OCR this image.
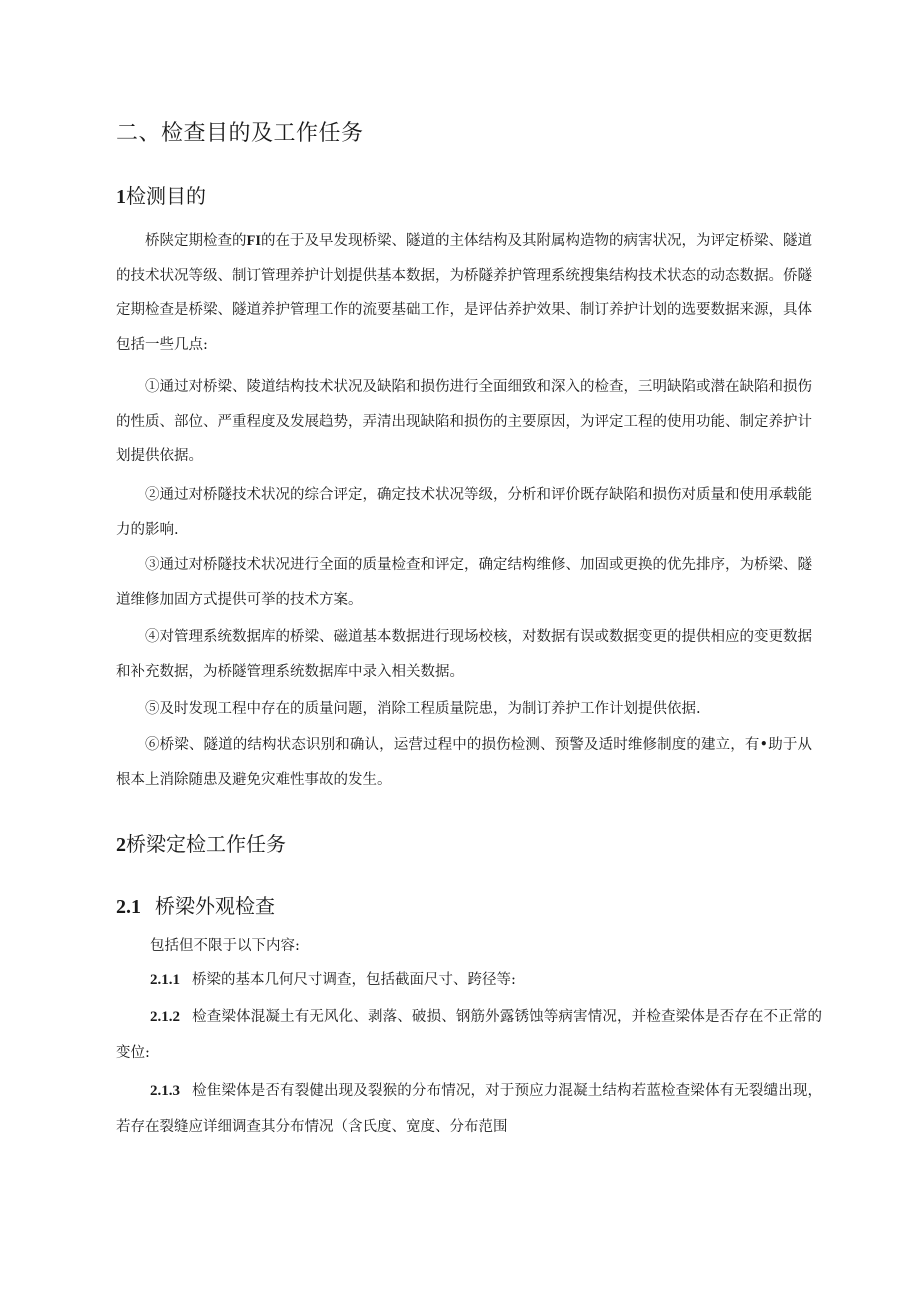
二、检查目的及工作任务
1检测目的

桥陕定期检查的FI的在于及早发现桥梁、隧道的主体结构及其附属构造物的病害状况，为评定桥梁、隧道的技术状况等级、制订管理养护计划提供基本数据，为桥隧养护管理系统搜集结构技术状态的动态数据。侨隧定期检查是桥梁、隧道养护管理工作的流要基础工作，是评估养护效果、制订养护计划的选要数据来源，具体包括一些几点:

①通过对桥梁、陵道结构技术状况及缺陷和损伤进行全面细致和深入的检查，三明缺陷或潜在缺陷和损伤的性质、部位、严重程度及发展趋势，弄清出现缺陷和损伤的主要原因，为评定工程的使用功能、制定养护计划提供依据。

②通过对桥隧技术状况的综合评定，确定技术状况等级，分析和评价既存缺陷和损伤对质量和使用承载能力的影响.

③通过对桥隧技术状况进行全面的质量检查和评定，确定结构维修、加固或更换的优先排序，为桥梁、隧道维修加固方式提供可挙的技术方案。

④对管理系统数据库的桥梁、磁道基本数据进行现场校核，对数据有误或数据变更的提供相应的变更数据和补充数据，为桥隧管理系统数据库中录入相关数据。

⑤及时发现工程中存在的质量问题，消除工程质量院患，为制订养护工作计划提供依据.

⑥桥梁、隧道的结构状态识别和确认，运营过程中的损伤检测、预警及适时维修制度的建立，有•助于从根本上消除随患及避免灾难性事故的发生。

2桥梁定检工作任务
2.1 桥梁外观检查
包括但不限于以下内容:

2.1.1 桥梁的基本几何尺寸调查，包括截面尺寸、跨径等:

2.1.2 检查梁体混凝土有无风化、剥落、破损、钢筋外露锈蚀等病害情况，并检查梁体是否存在不正常的变位:

2.1.3 检隹梁体是否有裂健出现及裂猴的分布情况，对于预应力混凝土结构若蓝检查梁体有无裂缱出现，若存在裂缝应详细调查其分布情况（含氏度、宽度、分布范围
